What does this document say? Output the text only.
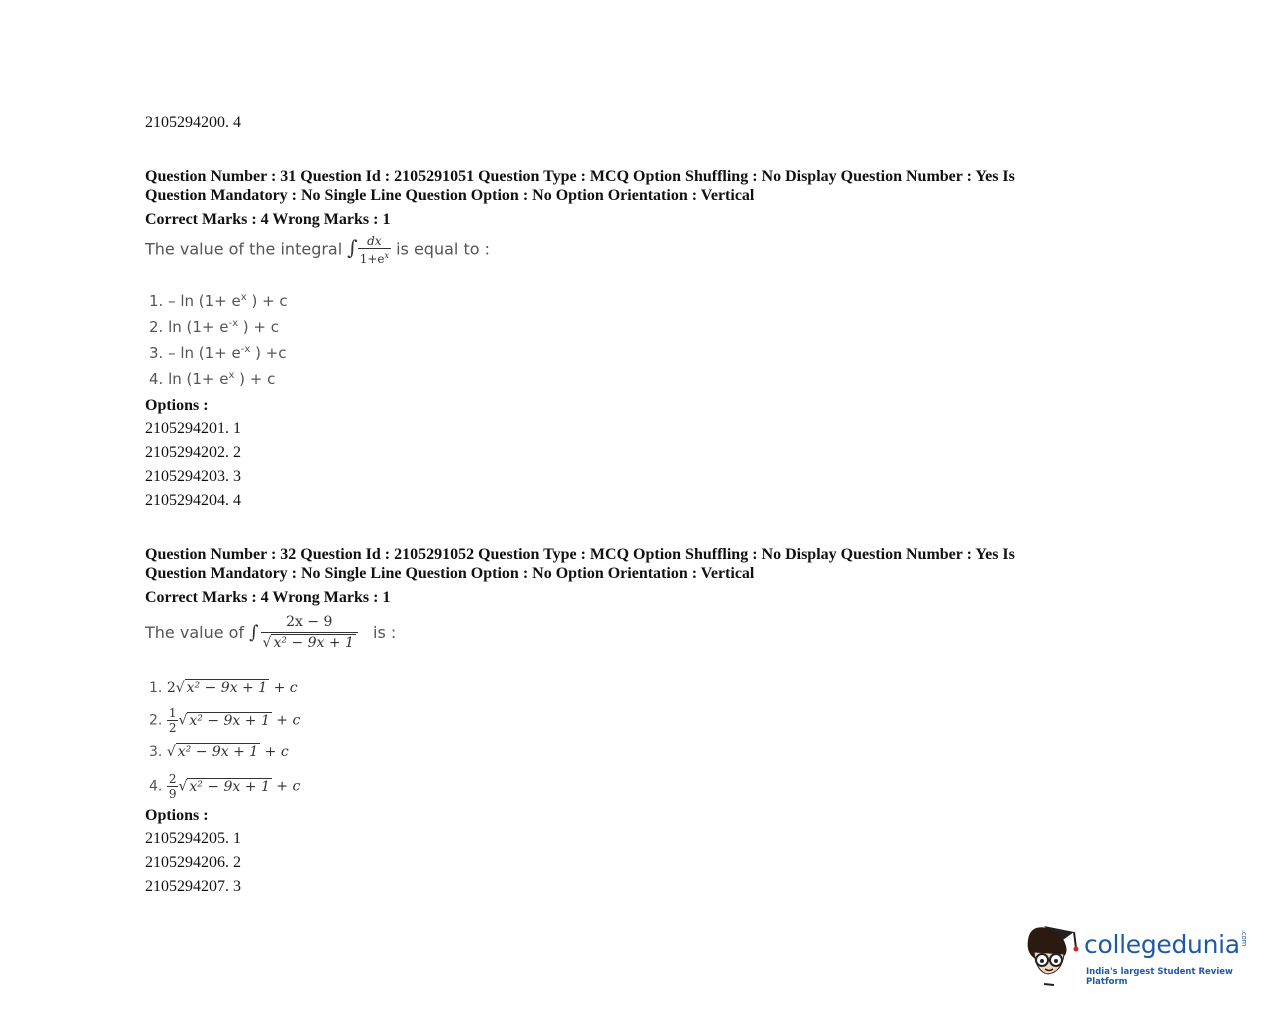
2105294200. 4
Question Number : 31 Question Id : 2105291051 Question Type : MCQ Option Shuffling : No Display Question Number : Yes Is
Question Mandatory : No Single Line Question Option : No Option Orientation : Vertical
Correct Marks : 4 Wrong Marks : 1
The value of the integral ∫ $\frac{dx}{1+e^x}$ is equal to :
1. – $\ln (1+ e^x$ ) + c
2. $\ln (1+ e^{-x}$ ) + c
3. – $\ln (1+ e^{-x}$ ) +c
4. $\ln (1+ e^x$ ) + c
Options :
2105294201. 1
2105294202. 2
2105294203. 3
2105294204. 4
Question Number : 32 Question Id : 2105291052 Question Type : MCQ Option Shuffling : No Display Question Number : Yes Is
Question Mandatory : No Single Line Question Option : No Option Orientation : Vertical
Correct Marks : 4 Wrong Marks : 1
The value of ∫ $\frac{2x - 9}{\text{√ x² − 9x + 1}}$ is :
1. 2√ x² − 9x + 1 + c
2. $\frac{1}{2}$ √ x² − 9x + 1 + c
3. √ x² − 9x + 1 + c
4. $\frac{2}{9}$ √ x² − 9x + 1 + c
Options :
2105294205. 1
2105294206. 2
2105294207. 3
collegedunia.com
India's largest Student Review Platform
